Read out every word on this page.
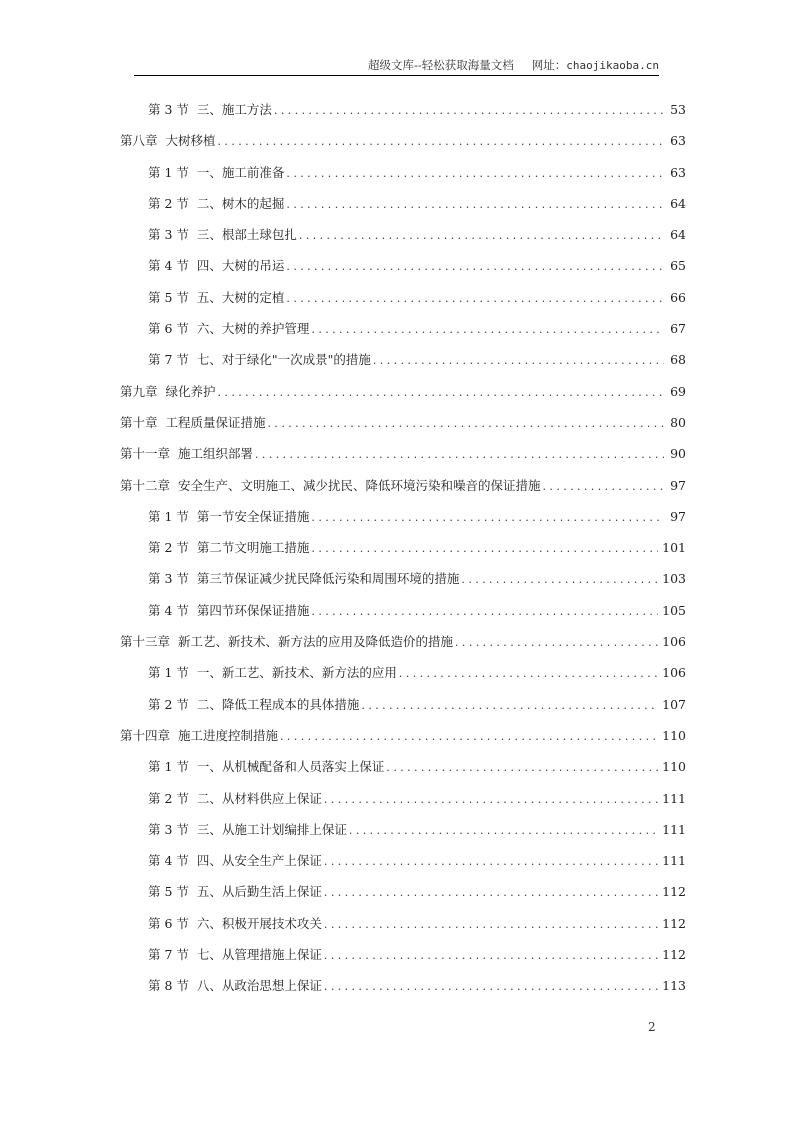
超级文库--轻松获取海量文档 网址：chaojikaoba.cn
第 3 节 三、施工方法 .....	53
第八章 大树移植 .....	63
第 1 节 一、施工前准备 .....	63
第 2 节 二、树木的起掘 .....	64
第 3 节 三、根部土球包扎 .....	64
第 4 节 四、大树的吊运 .....	65
第 5 节 五、大树的定植 .....	66
第 6 节 六、大树的养护管理 .....	67
第 7 节 七、对于绿化"一次成景"的措施 .....	68
第九章 绿化养护 .....	69
第十章 工程质量保证措施 .....	80
第十一章 施工组织部署 .....	90
第十二章 安全生产、文明施工、减少扰民、降低环境污染和噪音的保证措施 .....	97
第 1 节 第一节安全保证措施 .....	97
第 2 节 第二节文明施工措施 .....	101
第 3 节 第三节保证减少扰民降低污染和周围环境的措施 .....	103
第 4 节 第四节环保保证措施 .....	105
第十三章 新工艺、新技术、新方法的应用及降低造价的措施 .....	106
第 1 节 一、新工艺、新技术、新方法的应用 .....	106
第 2 节 二、降低工程成本的具体措施 .....	107
第十四章 施工进度控制措施 .....	110
第 1 节 一、从机械配备和人员落实上保证 .....	110
第 2 节 二、从材料供应上保证 .....	111
第 3 节 三、从施工计划编排上保证 .....	111
第 4 节 四、从安全生产上保证 .....	111
第 5 节 五、从后勤生活上保证 .....	112
第 6 节 六、积极开展技术攻关 .....	112
第 7 节 七、从管理措施上保证 .....	112
第 8 节 八、从政治思想上保证 .....	113
2
